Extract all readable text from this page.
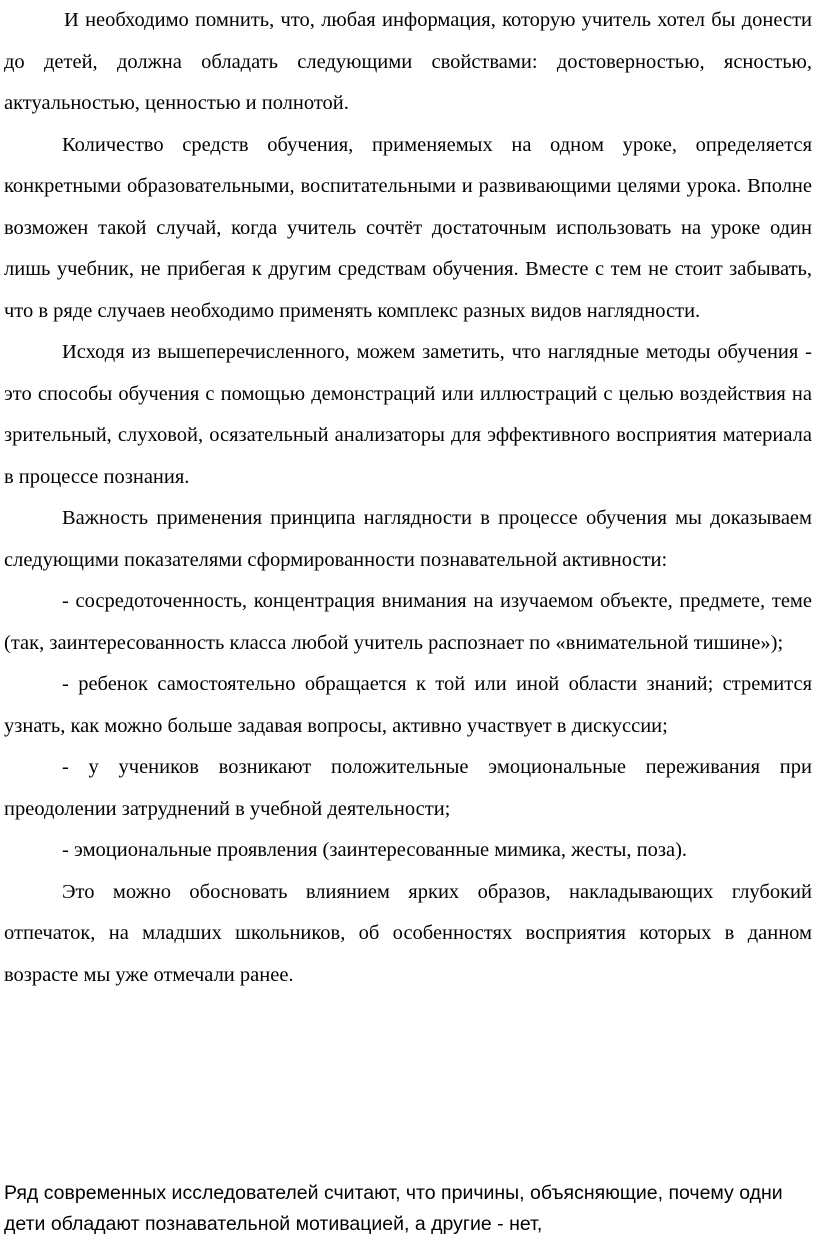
И необходимо помнить, что, любая информация, которую учитель хотел бы донести до детей, должна обладать следующими свойствами: достоверностью, ясностью, актуальностью, ценностью и полнотой.

Количество средств обучения, применяемых на одном уроке, определяется конкретными образовательными, воспитательными и развивающими целями урока. Вполне возможен такой случай, когда учитель сочтёт достаточным использовать на уроке один лишь учебник, не прибегая к другим средствам обучения. Вместе с тем не стоит забывать, что в ряде случаев необходимо применять комплекс разных видов наглядности.

Исходя из вышеперечисленного, можем заметить, что наглядные методы обучения - это способы обучения с помощью демонстраций или иллюстраций с целью воздействия на зрительный, слуховой, осязательный анализаторы для эффективного восприятия материала в процессе познания.

Важность применения принципа наглядности в процессе обучения мы доказываем следующими показателями сформированности познавательной активности:

- сосредоточенность, концентрация внимания на изучаемом объекте, предмете, теме (так, заинтересованность класса любой учитель распознает по «внимательной тишине»);

- ребенок самостоятельно обращается к той или иной области знаний; стремится узнать, как можно больше задавая вопросы, активно участвует в дискуссии;

- у учеников возникают положительные эмоциональные переживания при преодолении затруднений в учебной деятельности;

- эмоциональные проявления (заинтересованные мимика, жесты, поза).

Это можно обосновать влиянием ярких образов, накладывающих глубокий отпечаток, на младших школьников, об особенностях восприятия которых в данном возрасте мы уже отмечали ранее.

Ряд современных исследователей считают, что причины, объясняющие, почему одни дети обладают познавательной мотивацией, а другие - нет,
